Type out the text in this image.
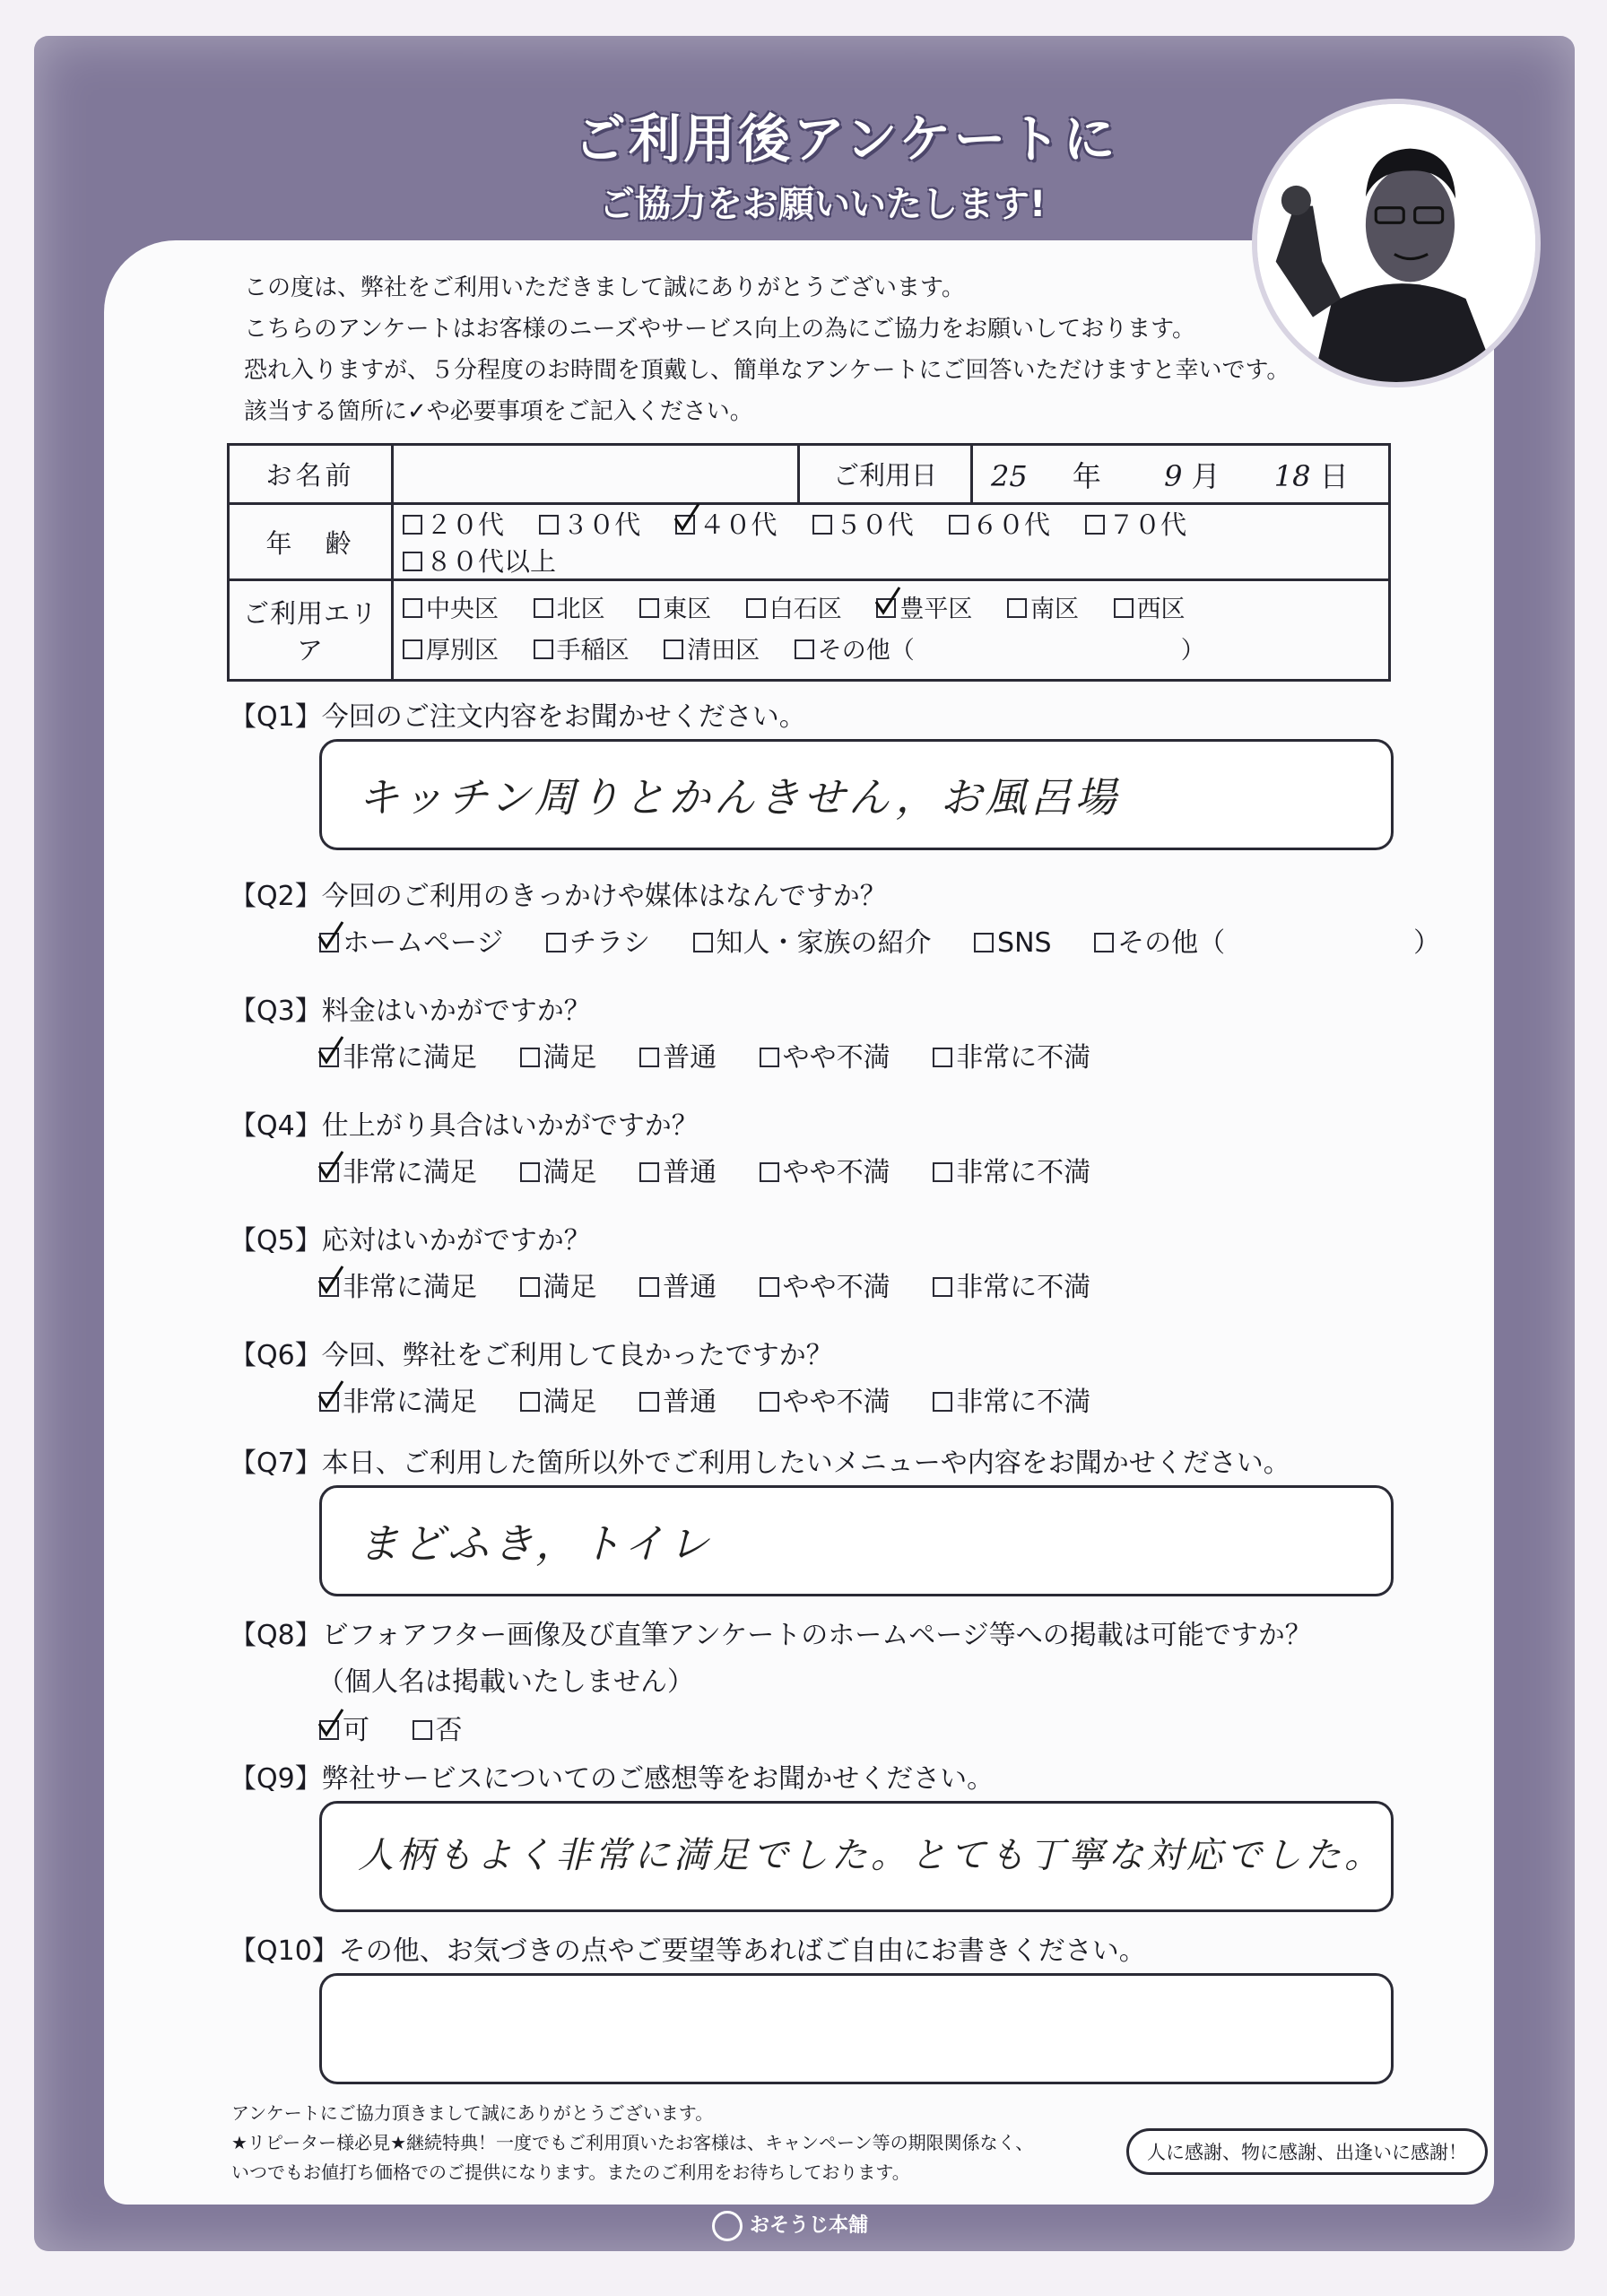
ご利用後アンケートに
ご協力をお願いいたします!
この度は、弊社をご利用いただきまして誠にありがとうございます。
こちらのアンケートはお客様のニーズやサービス向上の為にご協力をお願いしております。
恐れ入りますが、５分程度のお時間を頂戴し、簡単なアンケートにご回答いただけますと幸いです。
該当する箇所に✓や必要事項をご記入ください。
お名前		ご利用日	25 年 9 月 18 日
年　齢	２０代 ３０代 ４０代 ５０代 ６０代 ７０代 ８０代以上		
ご利用エリア	中央区 北区 東区 白石区 豊平区 南区 西区
厚別区 手稲区 清田区 その他（　　　　　　　　　　　）		
【Q1】今回のご注文内容をお聞かせください。
キッチン周りとかんきせん，お風呂場
【Q2】今回のご利用のきっかけや媒体はなんですか？
ホームページ チラシ 知人・家族の紹介 SNS その他（　　　　　　　）
【Q3】料金はいかがですか？
非常に満足 満足 普通 やや不満 非常に不満
【Q4】仕上がり具合はいかがですか？
非常に満足 満足 普通 やや不満 非常に不満
【Q5】応対はいかがですか？
非常に満足 満足 普通 やや不満 非常に不満
【Q6】今回、弊社をご利用して良かったですか？
非常に満足 満足 普通 やや不満 非常に不満
【Q7】本日、ご利用した箇所以外でご利用したいメニューや内容をお聞かせください。
まどふき，トイレ
【Q8】ビフォアフター画像及び直筆アンケートのホームページ等への掲載は可能ですか？
（個人名は掲載いたしません）
可 否
【Q9】弊社サービスについてのご感想等をお聞かせください。
人柄もよく非常に満足でした。とても丁寧な対応でした。
【Q10】その他、お気づきの点やご要望等あればご自由にお書きください。
アンケートにご協力頂きまして誠にありがとうございます。
★リピーター様必見★継続特典！一度でもご利用頂いたお客様は、キャンペーン等の期限関係なく、
いつでもお値打ち価格でのご提供になります。またのご利用をお待ちしております。
人に感謝、物に感謝、出逢いに感謝！
おそうじ本舗
